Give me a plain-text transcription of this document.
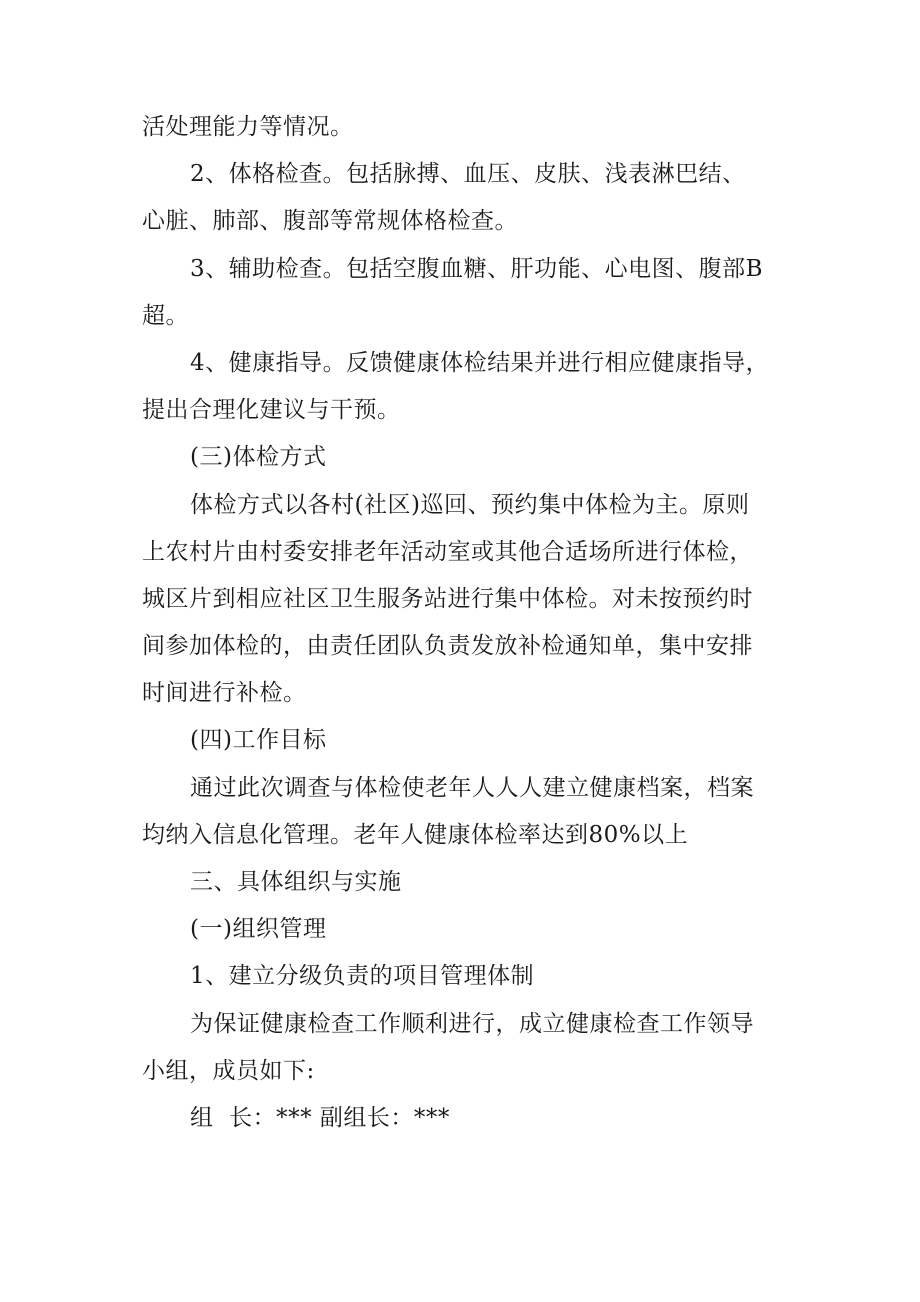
活处理能力等情况。
2、体格检查。包括脉搏、血压、皮肤、浅表淋巴结、
心脏、肺部、腹部等常规体格检查。
3、辅助检查。包括空腹血糖、肝功能、心电图、腹部B
超。
4、健康指导。反馈健康体检结果并进行相应健康指导，
提出合理化建议与干预。
(三)体检方式
体检方式以各村(社区)巡回、预约集中体检为主。原则
上农村片由村委安排老年活动室或其他合适场所进行体检，
城区片到相应社区卫生服务站进行集中体检。对未按预约时
间参加体检的，由责任团队负责发放补检通知单，集中安排
时间进行补检。
(四)工作目标
通过此次调查与体检使老年人人人建立健康档案，档案
均纳入信息化管理。老年人健康体检率达到80%以上
三、具体组织与实施
(一)组织管理
1、建立分级负责的项目管理体制
为保证健康检查工作顺利进行，成立健康检查工作领导
小组，成员如下:
组  长：*** 副组长：***
